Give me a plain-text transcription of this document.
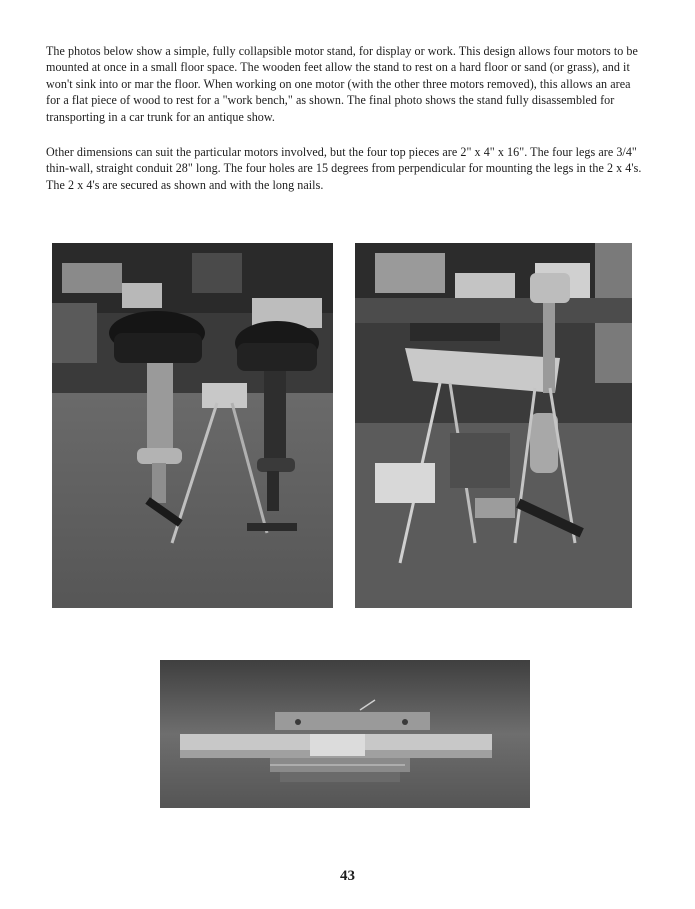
The photos below show a simple, fully collapsible motor stand, for display or work. This design allows four motors to be mounted at once in a small floor space. The wooden feet allow the stand to rest on a hard floor or sand (or grass), and it won't sink into or mar the floor. When working on one motor (with the other three motors removed), this allows an area for a flat piece of wood to rest for a "work bench," as shown. The final photo shows the stand fully disassembled for transporting in a car trunk for an antique show.

Other dimensions can suit the particular motors involved, but the four top pieces are 2" x 4" x 16". The four legs are 3/4" thin-wall, straight conduit 28" long. The four holes are 15 degrees from perpendicular for mounting the legs in the 2 x 4's. The 2 x 4's are secured as shown and with the long nails.

43
